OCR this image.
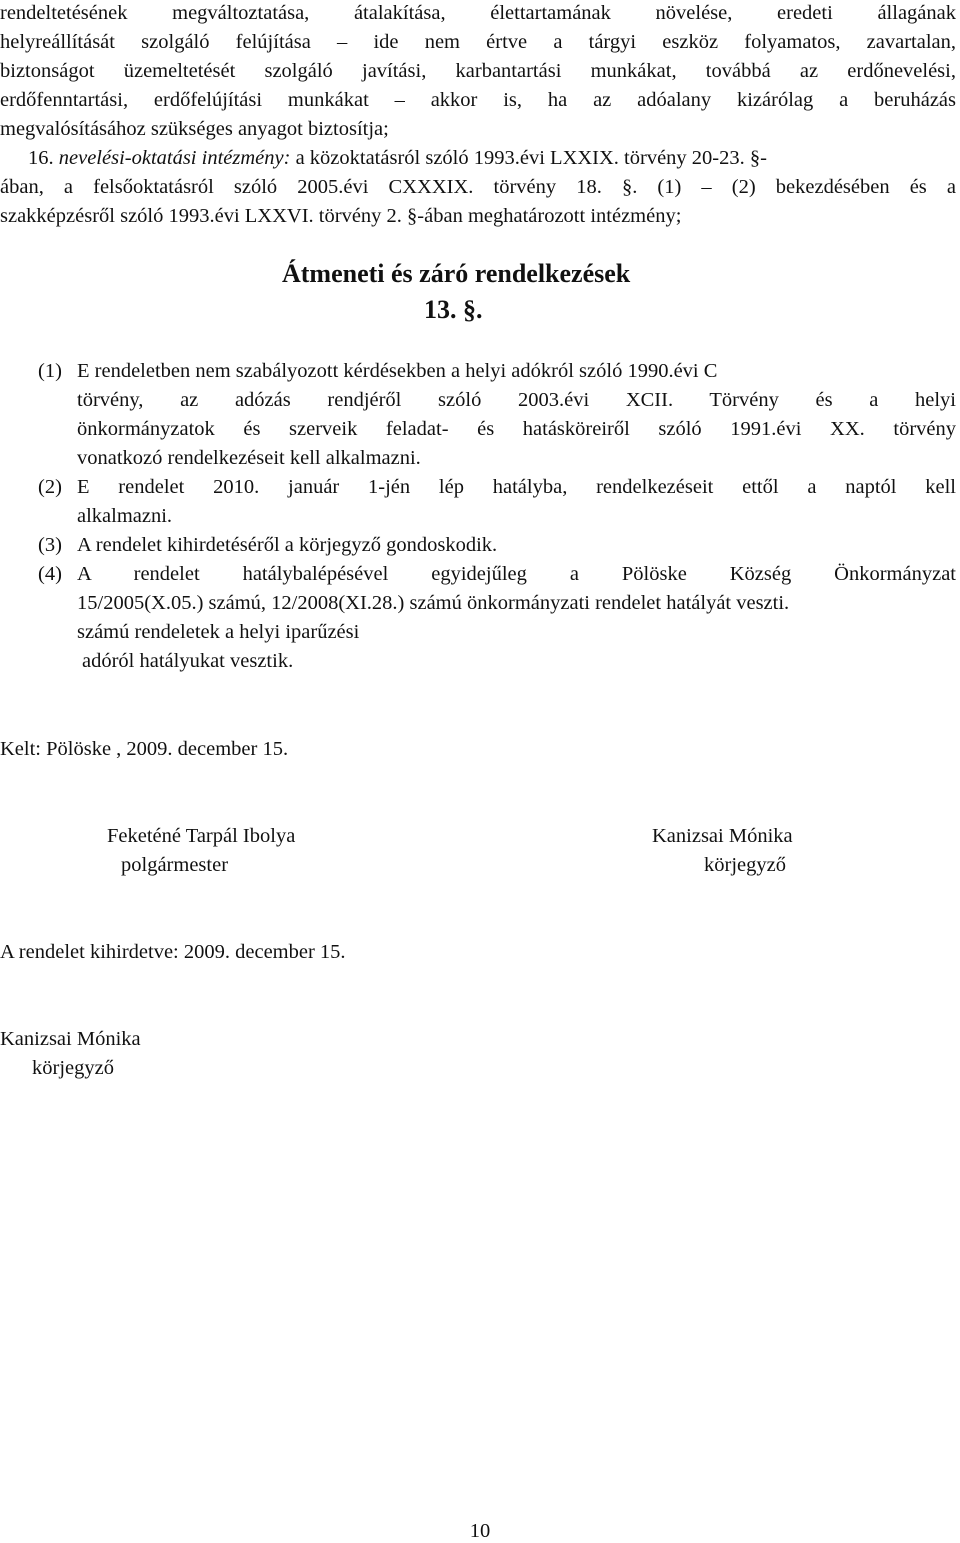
rendeltetésének megváltoztatása, átalakítása, élettartamának növelése, eredeti állagának
helyreállítását szolgáló felújítása – ide nem értve a tárgyi eszköz folyamatos, zavartalan,
biztonságot üzemeltetését szolgáló javítási, karbantartási munkákat, továbbá az erdőnevelési,
erdőfenntartási, erdőfelújítási munkákat – akkor is, ha az adóalany kizárólag a beruházás
megvalósításához szükséges anyagot biztosítja;
16. nevelési-oktatási intézmény: a közoktatásról szóló 1993.évi LXXIX. törvény 20-23. §-
ában, a felsőoktatásról szóló 2005.évi CXXXIX. törvény 18. §. (1) – (2) bekezdésében és a
szakképzésről szóló 1993.évi LXXVI. törvény 2. §-ában meghatározott intézmény;
Átmeneti és záró rendelkezések
13. §.
(1) E rendeletben nem szabályozott kérdésekben a helyi adókról szóló 1990.évi C
törvény, az adózás rendjéről szóló 2003.évi XCII. Törvény és a helyi
önkormányzatok és szerveik feladat- és hatásköreiről szóló 1991.évi XX. törvény
vonatkozó rendelkezéseit kell alkalmazni.
(2) E rendelet 2010. január 1-jén lép hatályba, rendelkezéseit ettől a naptól kell
alkalmazni.
(3) A rendelet kihirdetéséről a körjegyző gondoskodik.
(4) A rendelet hatálybalépésével egyidejűleg a Pölöske Község Önkormányzat
15/2005(X.05.) számú, 12/2008(XI.28.) számú önkormányzati rendelet hatályát veszti.
számú rendeletek a helyi iparűzési
adóról hatályukat vesztik.
Kelt: Pölöske , 2009. december 15.
Feketéné Tarpál Ibolya
polgármester
Kanizsai Mónika
körjegyző
A rendelet kihirdetve: 2009. december 15.
Kanizsai Mónika
körjegyző
10
